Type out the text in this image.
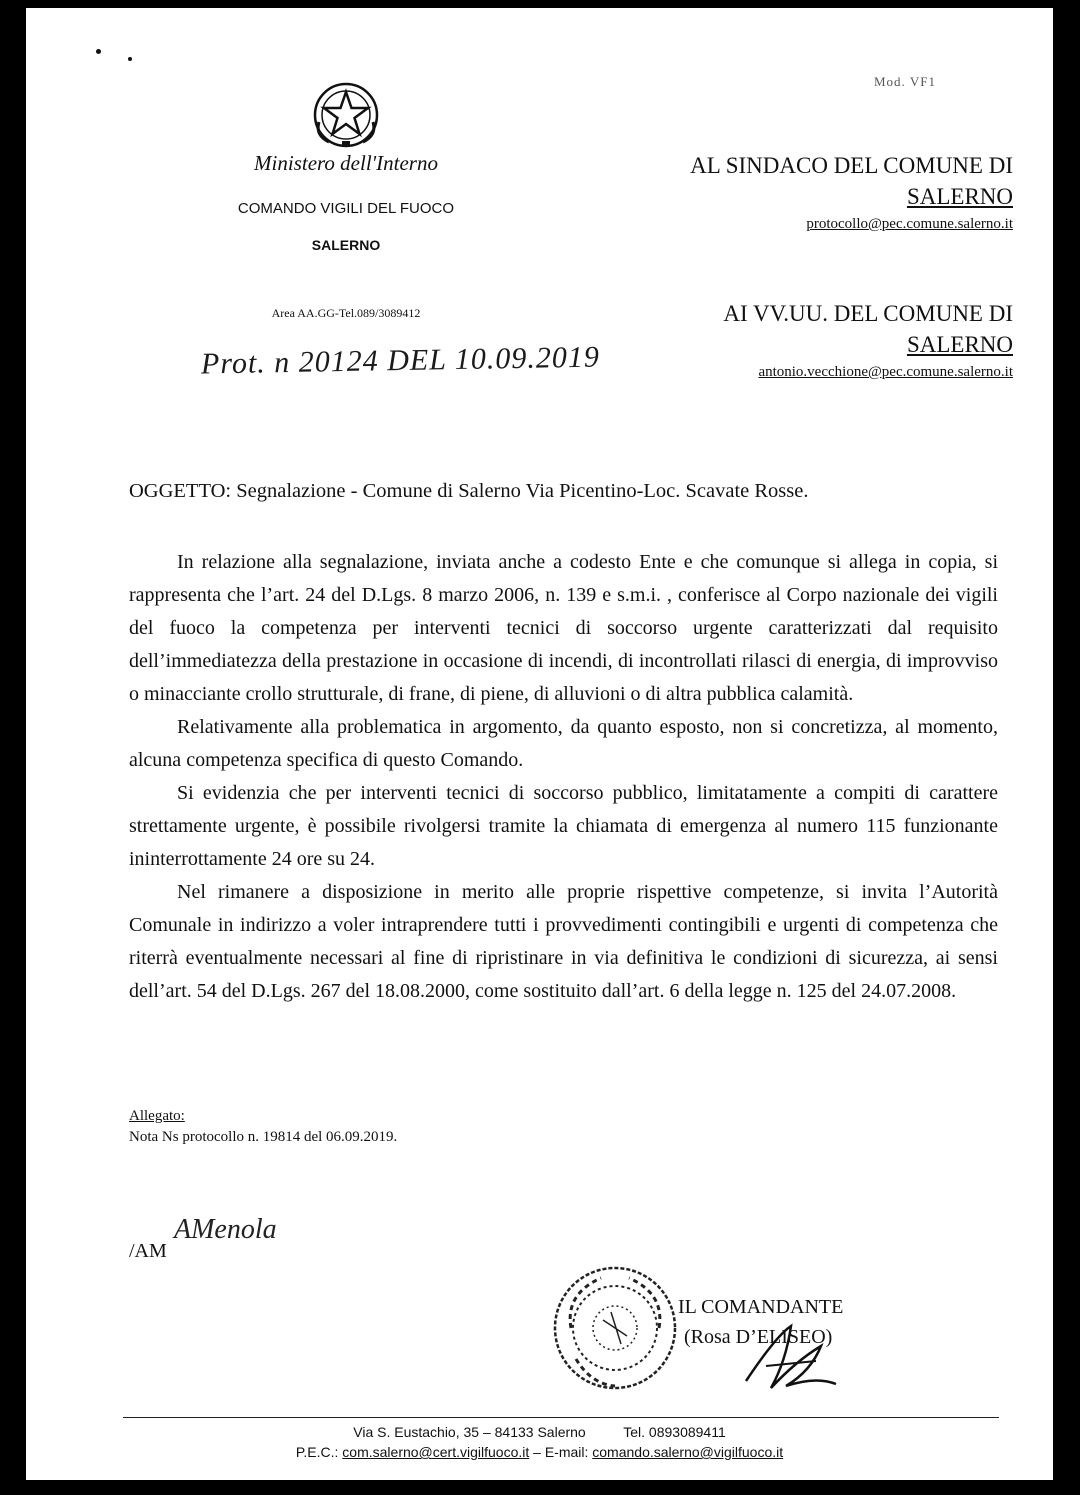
Mod. VF1
Ministero dell'Interno
COMANDO VIGILI DEL FUOCO
SALERNO
Area AA.GG-Tel.089/3089412
Prot. n 20124 DEL 10.09.2019
AL SINDACO DEL COMUNE DI
SALERNO
protocollo@pec.comune.salerno.it
AI VV.UU. DEL COMUNE DI
SALERNO
antonio.vecchione@pec.comune.salerno.it
OGGETTO: Segnalazione - Comune di Salerno Via Picentino-Loc. Scavate Rosse.

In relazione alla segnalazione, inviata anche a codesto Ente e che comunque si allega in copia, si rappresenta che l’art. 24 del D.Lgs. 8 marzo 2006, n. 139 e s.m.i. , conferisce al Corpo nazionale dei vigili del fuoco la competenza per interventi tecnici di soccorso urgente caratterizzati dal requisito dell’immediatezza della prestazione in occasione di incendi, di incontrollati rilasci di energia, di improvviso o minacciante crollo strutturale, di frane, di piene, di alluvioni o di altra pubblica calamità.

Relativamente alla problematica in argomento, da quanto esposto, non si concretizza, al momento, alcuna competenza specifica di questo Comando.

Si evidenzia che per interventi tecnici di soccorso pubblico, limitatamente a compiti di carattere strettamente urgente, è possibile rivolgersi tramite la chiamata di emergenza al numero 115 funzionante ininterrottamente 24 ore su 24.

Nel rimanere a disposizione in merito alle proprie rispettive competenze, si invita l’Autorità Comunale in indirizzo a voler intraprendere tutti i provvedimenti contingibili e urgenti di competenza che riterrà eventualmente necessari al fine di ripristinare in via definitiva le condizioni di sicurezza, ai sensi dell’art. 54 del D.Lgs. 267 del 18.08.2000, come sostituito dall’art. 6 della legge n. 125 del 24.07.2008.

Allegato:
Nota Ns protocollo n. 19814 del 06.09.2019.
/AM
AMenola
IL COMANDANTE
(Rosa D’ELISEO)
Via S. Eustachio, 35 – 84133 Salerno	Tel. 0893089411
P.E.C.: com.salerno@cert.vigilfuoco.it – E-mail: comando.salerno@vigilfuoco.it
